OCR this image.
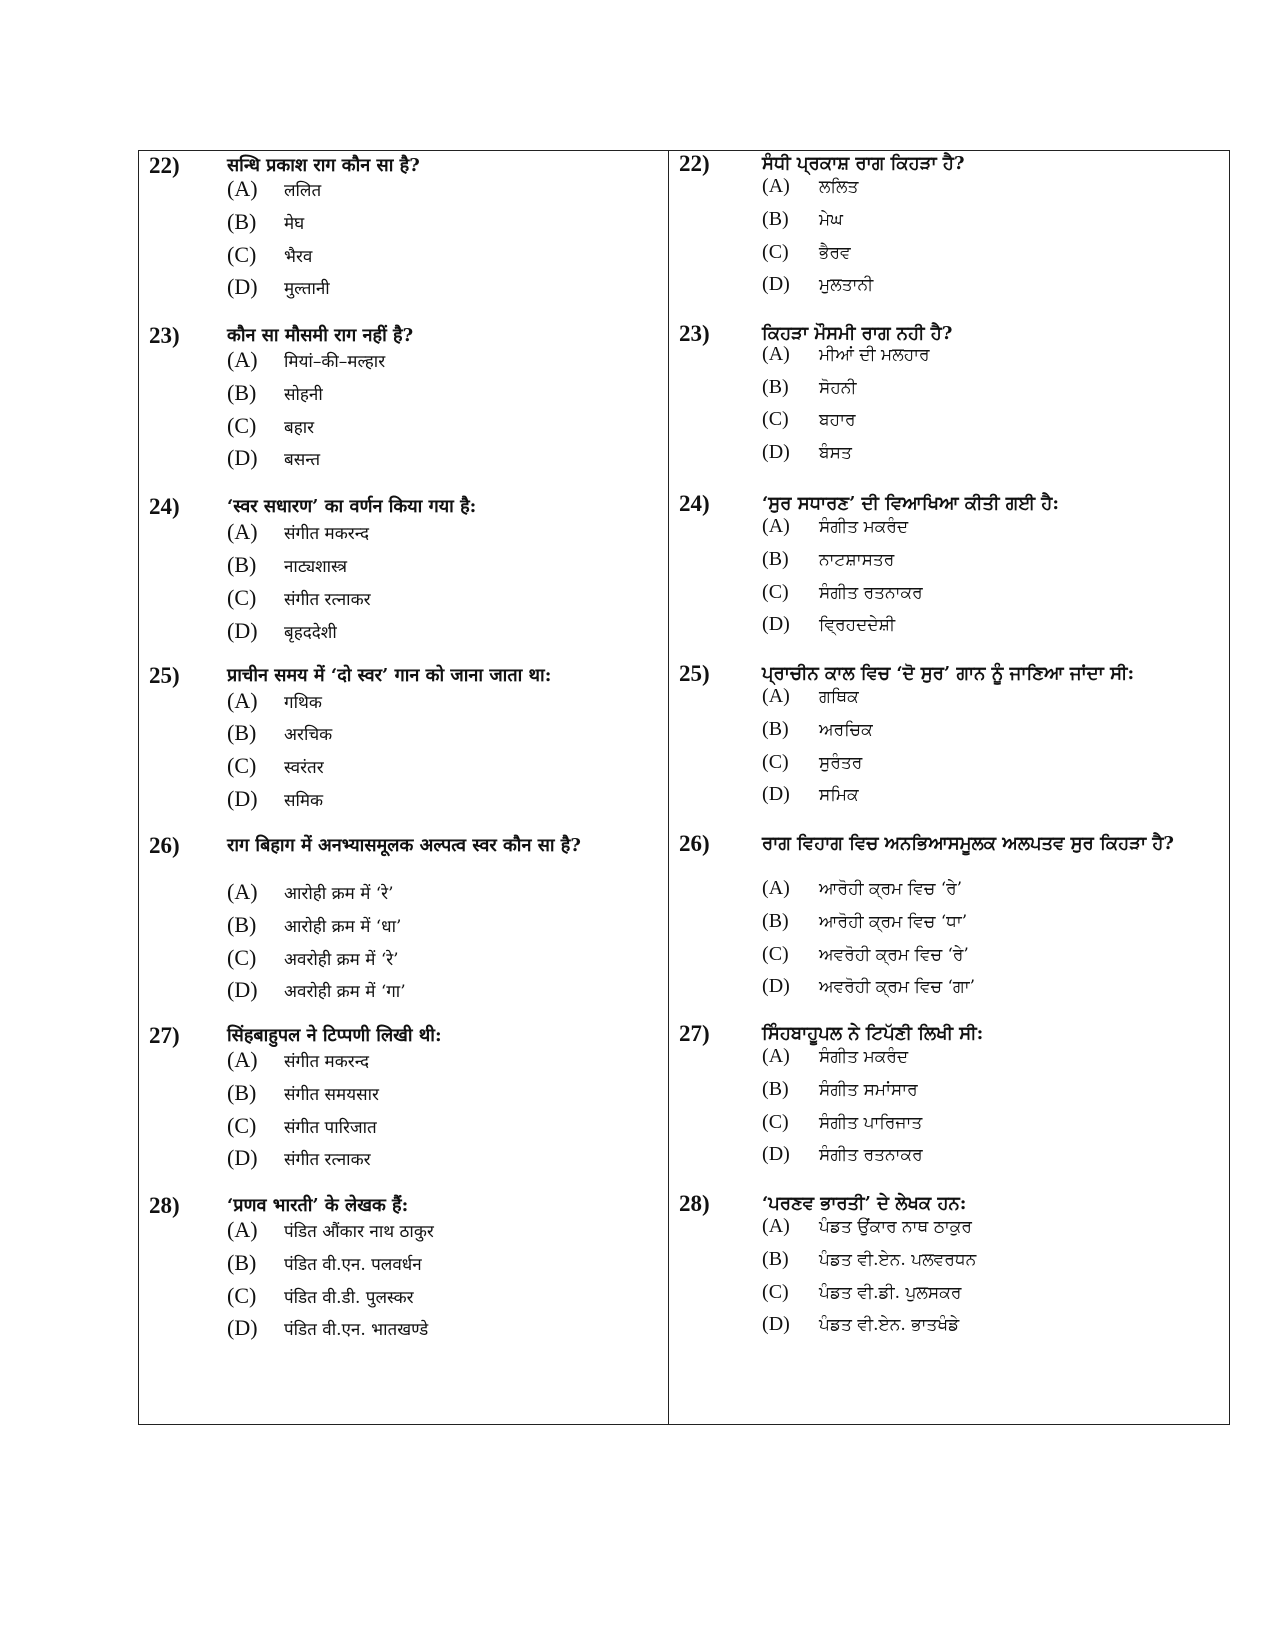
22)	सन्धि प्रकाश राग कौन सा है?
(A)	ललित
(B)	मेघ
(C)	भैरव
(D)	मुल्तानी
23)	कौन सा मौसमी राग नहीं है?
(A)	मियां–की–मल्हार
(B)	सोहनी
(C)	बहार
(D)	बसन्त
24)	‘स्वर सधारण’ का वर्णन किया गया है:
(A)	संगीत मकरन्द
(B)	नाट्यशास्त्र
(C)	संगीत रत्नाकर
(D)	बृहददेशी
25)	प्राचीन समय में ‘दो स्वर’ गान को जाना जाता था:
(A)	गथिक
(B)	अरचिक
(C)	स्वरंतर
(D)	समिक
26)	राग बिहाग में अनभ्यासमूलक अल्पत्व स्वर कौन सा है?
(A)	आरोही क्रम में ‘रे’
(B)	आरोही क्रम में ‘धा’
(C)	अवरोही क्रम में ‘रे’
(D)	अवरोही क्रम में ‘गा’
27)	सिंहबाहुपल ने टिप्पणी लिखी थी:
(A)	संगीत मकरन्द
(B)	संगीत समयसार
(C)	संगीत पारिजात
(D)	संगीत रत्नाकर
28)	‘प्रणव भारती’ के लेखक हैं:
(A)	पंडित औंकार नाथ ठाकुर
(B)	पंडित वी.एन. पलवर्धन
(C)	पंडित वी.डी. पुलस्कर
(D)	पंडित वी.एन. भातखण्डे
22)	ਸੰਧੀ ਪ੍ਰਕਾਸ਼ ਰਾਗ ਕਿਹੜਾ ਹੈ?
(A)	ਲਲਿਤ
(B)	ਮੇਘ
(C)	ਭੈਰਵ
(D)	ਮੁਲਤਾਨੀ
23)	ਕਿਹੜਾ ਮੌਸਮੀ ਰਾਗ ਨਹੀ ਹੈ?
(A)	ਮੀਆਂ ਦੀ ਮਲਹਾਰ
(B)	ਸੋਹਨੀ
(C)	ਬਹਾਰ
(D)	ਬੰਸਤ
24)	‘ਸੁਰ ਸਧਾਰਣ’ ਦੀ ਵਿਆਖਿਆ ਕੀਤੀ ਗਈ ਹੈ:
(A)	ਸੰਗੀਤ ਮਕਰੰਦ
(B)	ਨਾਟਸ਼ਾਸਤਰ
(C)	ਸੰਗੀਤ ਰਤਨਾਕਰ
(D)	ਵ੍ਰਿਹਦਦੇਸ਼ੀ
25)	ਪ੍ਰਾਚੀਨ ਕਾਲ ਵਿਚ ‘ਦੋ ਸੁਰ’ ਗਾਨ ਨੂੰ ਜਾਣਿਆ ਜਾਂਦਾ ਸੀ:
(A)	ਗਥਿਕ
(B)	ਅਰਚਿਕ
(C)	ਸੁਰੰਤਰ
(D)	ਸਮਿਕ
26)	ਰਾਗ ਵਿਹਾਗ ਵਿਚ ਅਨਭਿਆਸਮੂਲਕ ਅਲਪਤਵ ਸੁਰ ਕਿਹੜਾ ਹੈ?
(A)	ਆਰੋਹੀ ਕ੍ਰਮ ਵਿਚ ‘ਰੇ’
(B)	ਆਰੋਹੀ ਕ੍ਰਮ ਵਿਚ ‘ਧਾ’
(C)	ਅਵਰੋਹੀ ਕ੍ਰਮ ਵਿਚ ‘ਰੇ’
(D)	ਅਵਰੋਹੀ ਕ੍ਰਮ ਵਿਚ ‘ਗਾ’
27)	ਸਿੰਹਬਾਹੂਪਲ ਨੇ ਟਿਪੱਣੀ ਲਿਖੀ ਸੀ:
(A)	ਸੰਗੀਤ ਮਕਰੰਦ
(B)	ਸੰਗੀਤ ਸਮਾਂਸਾਰ
(C)	ਸੰਗੀਤ ਪਾਰਿਜਾਤ
(D)	ਸੰਗੀਤ ਰਤਨਾਕਰ
28)	‘ਪਰਣਵ ਭਾਰਤੀ’ ਦੇ ਲੇਖਕ ਹਨ:
(A)	ਪੰਡਤ ਉਂਕਾਰ ਨਾਥ ਠਾਕੁਰ
(B)	ਪੰਡਤ ਵੀ.ਏਨ. ਪਲਵਰਧਨ
(C)	ਪੰਡਤ ਵੀ.ਡੀ. ਪੁਲਸਕਰ
(D)	ਪੰਡਤ ਵੀ.ਏਨ. ਭਾਤਖੰਡੇ
